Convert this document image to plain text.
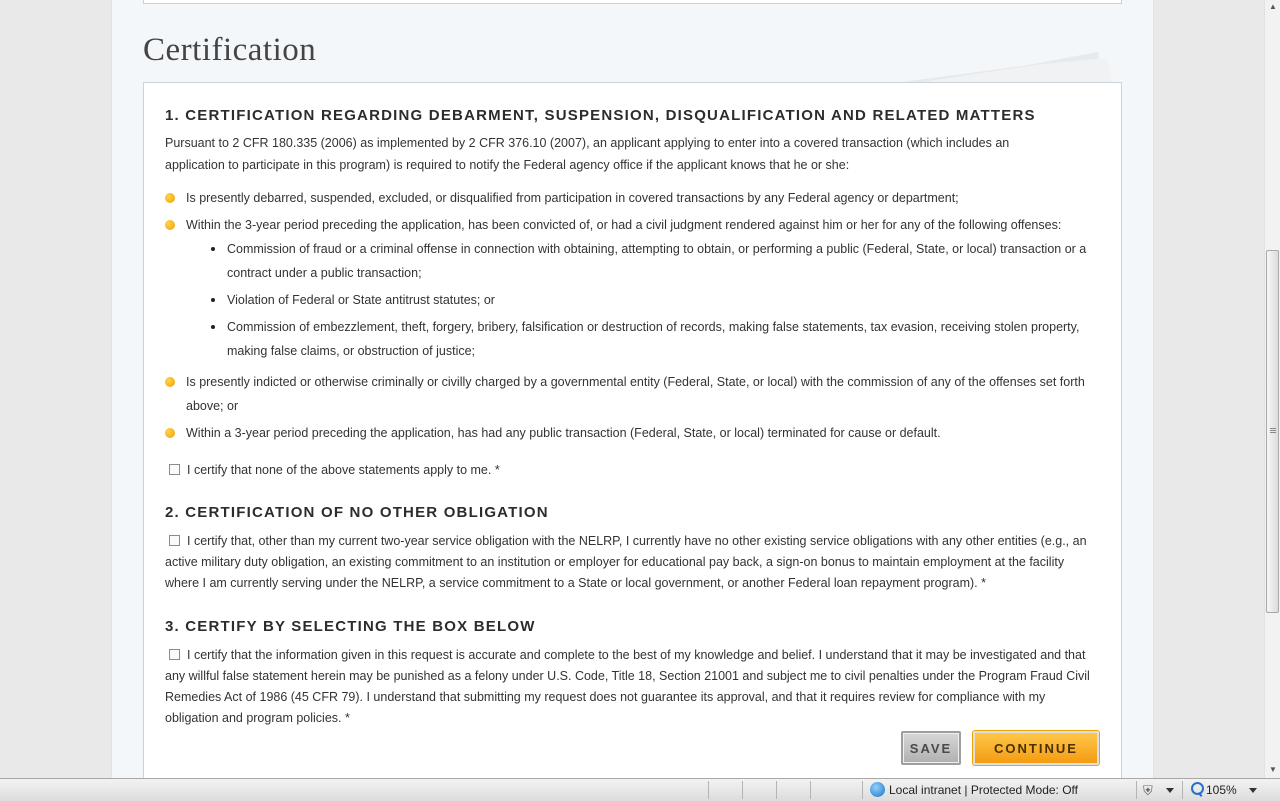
Certification
1. CERTIFICATION REGARDING DEBARMENT, SUSPENSION, DISQUALIFICATION AND RELATED MATTERS
Pursuant to 2 CFR 180.335 (2006) as implemented by 2 CFR 376.10 (2007), an applicant applying to enter into a covered transaction (which includes an
application to participate in this program) is required to notify the Federal agency office if the applicant knows that he or she:
Is presently debarred, suspended, excluded, or disqualified from participation in covered transactions by any Federal agency or department;
Within the 3-year period preceding the application, has been convicted of, or had a civil judgment rendered against him or her for any of the following offenses:
Commission of fraud or a criminal offense in connection with obtaining, attempting to obtain, or performing a public (Federal, State, or local) transaction or a contract under a public transaction;
Violation of Federal or State antitrust statutes; or
Commission of embezzlement, theft, forgery, bribery, falsification or destruction of records, making false statements, tax evasion, receiving stolen property, making false claims, or obstruction of justice;
Is presently indicted or otherwise criminally or civilly charged by a governmental entity (Federal, State, or local) with the commission of any of the offenses set forth above; or
Within a 3-year period preceding the application, has had any public transaction (Federal, State, or local) terminated for cause or default.
I certify that none of the above statements apply to me. *
2. CERTIFICATION OF NO OTHER OBLIGATION
I certify that, other than my current two-year service obligation with the NELRP, I currently have no other existing service obligations with any other entities (e.g., an active military duty obligation, an existing commitment to an institution or employer for educational pay back, a sign-on bonus to maintain employment at the facility where I am currently serving under the NELRP, a service commitment to a State or local government, or another Federal loan repayment program). *
3. CERTIFY BY SELECTING THE BOX BELOW
I certify that the information given in this request is accurate and complete to the best of my knowledge and belief. I understand that it may be investigated and that any willful false statement herein may be punished as a felony under U.S. Code, Title 18, Section 21001 and subject me to civil penalties under the Program Fraud Civil Remedies Act of 1986 (45 CFR 79). I understand that submitting my request does not guarantee its approval, and that it requires review for compliance with my obligation and program policies. *
SAVE	CONTINUE
▲
▼
Local intranet | Protected Mode: Off	⛨	105%
